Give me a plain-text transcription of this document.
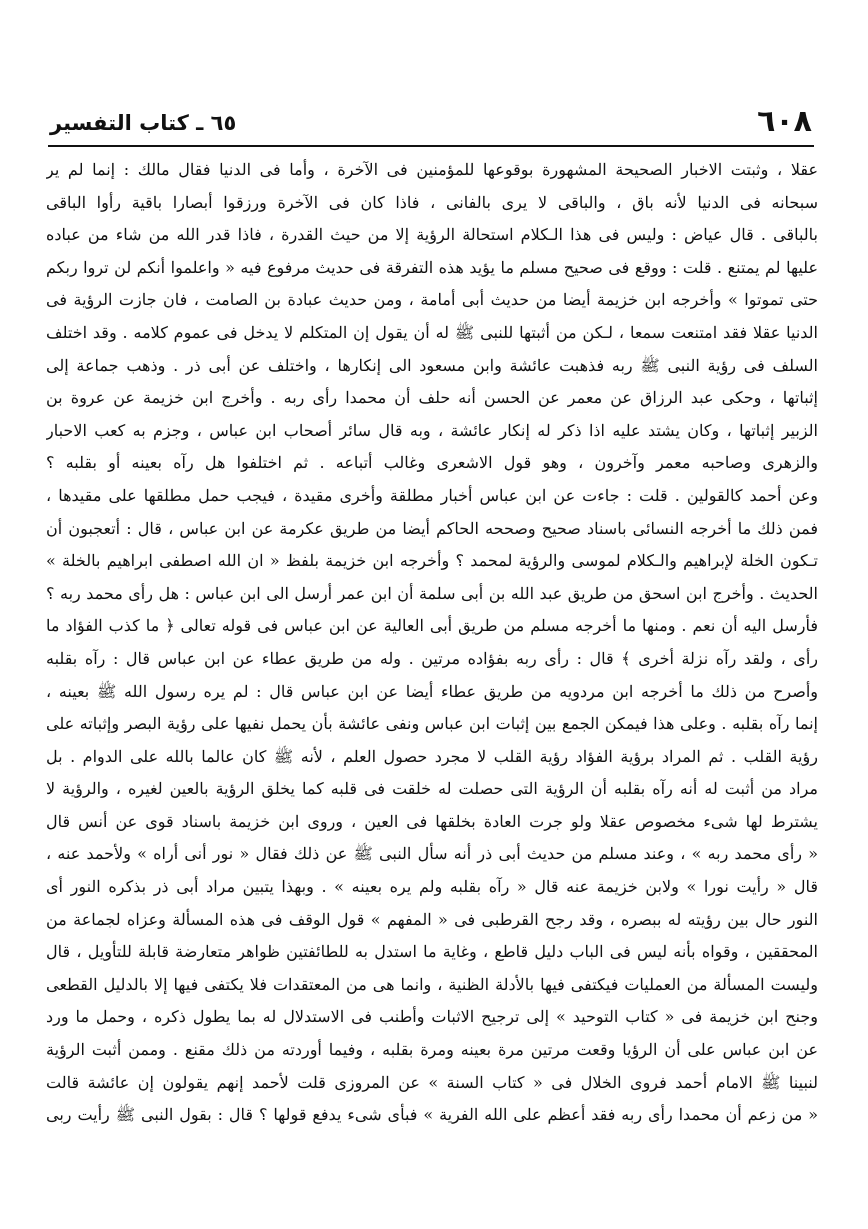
٦٠٨
٦٥ ـ كتاب التفسير
عقلا ، وثبتت الاخبار الصحيحة المشهورة بوقوعها للمؤمنين فى الآخرة ، وأما فى الدنيا فقال مالك : إنما لم ير
سبحانه فى الدنيا لأنه باق ، والباقى لا يرى بالفانى ، فاذا كان فى الآخرة ورزقوا أبصارا باقية رأوا الباقى
بالباقى . قال عياض : وليس فى هذا الـكلام استحالة الرؤية إلا من حيث القدرة ، فاذا قدر الله من شاء من عباده
عليها لم يمتنع . قلت : ووقع فى صحيح مسلم ما يؤيد هذه التفرقة فى حديث مرفوع فيه « واعلموا أنكم لن تروا ربكم
حتى تموتوا » وأخرجه ابن خزيمة أيضا من حديث أبى أمامة ، ومن حديث عبادة بن الصامت ، فان جازت الرؤية فى
الدنيا عقلا فقد امتنعت سمعا ، لـكن من أثبتها للنبى ﷺ له أن يقول إن المتكلم لا يدخل فى عموم كلامه . وقد اختلف
السلف فى رؤية النبى ﷺ ربه فذهبت عائشة وابن مسعود الى إنكارها ، واختلف عن أبى ذر . وذهب جماعة إلى
إثباتها ، وحكى عبد الرزاق عن معمر عن الحسن أنه حلف أن محمدا رأى ربه . وأخرج ابن خزيمة عن عروة بن
الزبير إثباتها ، وكان يشتد عليه اذا ذكر له إنكار عائشة ، وبه قال سائر أصحاب ابن عباس ، وجزم به كعب الاحبار
والزهرى وصاحبه معمر وآخرون ، وهو قول الاشعرى وغالب أتباعه . ثم اختلفوا هل رآه بعينه أو بقلبه ؟
وعن أحمد كالقولين . قلت : جاءت عن ابن عباس أخبار مطلقة وأخرى مقيدة ، فيجب حمل مطلقها على مقيدها ،
فمن ذلك ما أخرجه النسائى باسناد صحيح وصححه الحاكم أيضا من طريق عكرمة عن ابن عباس ، قال : أتعجبون أن
تـكون الخلة لإبراهيم والـكلام لموسى والرؤية لمحمد ؟ وأخرجه ابن خزيمة بلفظ « ان الله اصطفى ابراهيم بالخلة »
الحديث . وأخرج ابن اسحق من طريق عبد الله بن أبى سلمة أن ابن عمر أرسل الى ابن عباس : هل رأى محمد ربه ؟
فأرسل اليه أن نعم . ومنها ما أخرجه مسلم من طريق أبى العالية عن ابن عباس فى قوله تعالى ﴿ ما كذب الفؤاد ما
رأى ، ولقد رآه نزلة أخرى ﴾ قال : رأى ربه بفؤاده مرتين . وله من طريق عطاء عن ابن عباس قال : رآه بقلبه
وأصرح من ذلك ما أخرجه ابن مردويه من طريق عطاء أيضا عن ابن عباس قال : لم يره رسول الله ﷺ بعينه ،
إنما رآه بقلبه . وعلى هذا فيمكن الجمع بين إثبات ابن عباس ونفى عائشة بأن يحمل نفيها على رؤية البصر وإثباته على
رؤية القلب . ثم المراد برؤية الفؤاد رؤية القلب لا مجرد حصول العلم ، لأنه ﷺ كان عالما بالله على الدوام . بل
مراد من أثبت له أنه رآه بقلبه أن الرؤية التى حصلت له خلقت فى قلبه كما يخلق الرؤية بالعين لغيره ، والرؤية لا
يشترط لها شىء مخصوص عقلا ولو جرت العادة بخلقها فى العين ، وروى ابن خزيمة باسناد قوى عن أنس قال
« رأى محمد ربه » ، وعند مسلم من حديث أبى ذر أنه سأل النبى ﷺ عن ذلك فقال « نور أنى أراه » ولأحمد عنه ،
قال « رأيت نورا » ولابن خزيمة عنه قال « رآه بقلبه ولم يره بعينه » . وبهذا يتبين مراد أبى ذر بذكره النور أى
النور حال بين رؤيته له ببصره ، وقد رجح القرطبى فى « المفهم » قول الوقف فى هذه المسألة وعزاه لجماعة من
المحققين ، وقواه بأنه ليس فى الباب دليل قاطع ، وغاية ما استدل به للطائفتين ظواهر متعارضة قابلة للتأويل ، قال
وليست المسألة من العمليات فيكتفى فيها بالأدلة الظنية ، وانما هى من المعتقدات فلا يكتفى فيها إلا بالدليل القطعى
وجنح ابن خزيمة فى « كتاب التوحيد » إلى ترجيح الاثبات وأطنب فى الاستدلال له بما يطول ذكره ، وحمل ما ورد
عن ابن عباس على أن الرؤيا وقعت مرتين مرة بعينه ومرة بقلبه ، وفيما أوردته من ذلك مقنع . وممن أثبت الرؤية
لنبينا ﷺ الامام أحمد فروى الخلال فى « كتاب السنة » عن المروزى قلت لأحمد إنهم يقولون إن عائشة قالت
« من زعم أن محمدا رأى ربه فقد أعظم على الله الفرية » فبأى شىء يدفع قولها ؟ قال : بقول النبى ﷺ رأيت ربى
